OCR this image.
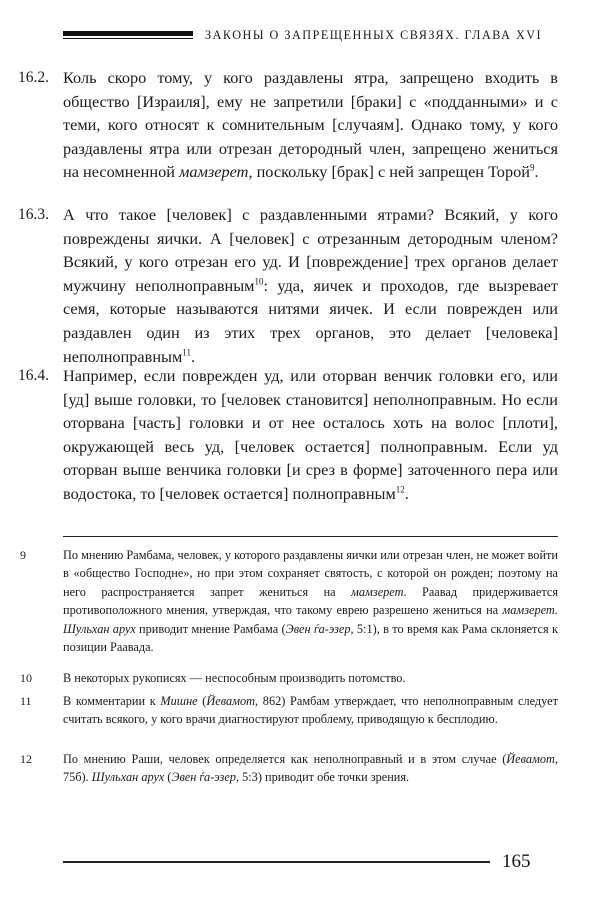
ЗАКОНЫ О ЗАПРЕЩЕННЫХ СВЯЗЯХ. ГЛАВА XVI
16.2. Коль скоро тому, у кого раздавлены ятра, запрещено входить в общество [Израиля], ему не запретили [браки] с «подданными» и с теми, кого относят к сомнительным [случаям]. Однако тому, у кого раздавлены ятра или отрезан детородный член, запрещено жениться на несомненной мамзерет, поскольку [брак] с ней запрещен Торой$^9$.
16.3. А что такое [человек] с раздавленными ятрами? Всякий, у кого повреждены яички. А [человек] с отрезанным детородным членом? Всякий, у кого отрезан его уд. И [повреждение] трех органов делает мужчину неполноправным$^{10}$: уда, яичек и проходов, где вызревает семя, которые называются нитями яичек. И если поврежден или раздавлен один из этих трех органов, это делает [человека] неполноправным$^{11}$.
16.4. Например, если поврежден уд, или оторван венчик головки его, или [уд] выше головки, то [человек становится] неполноправным. Но если оторвана [часть] головки и от нее осталось хоть на волос [плоти], окружающей весь уд, [человек остается] полноправным. Если уд оторван выше венчика головки [и срез в форме] заточенного пера или водостока, то [человек остается] полноправным$^{12}$.
9	По мнению Рамбама, человек, у которого раздавлены яички или отрезан член, не может войти в «общество Господне», но при этом сохраняет святость, с которой он рожден; поэтому на него распространяется запрет жениться на мамзерет. Раавад придерживается противоположного мнения, утверждая, что такому еврею разрешено жениться на мамзерет. Шульхан арух приводит мнение Рамбама (Эвен ѓа-эзер, 5:1), в то время как Рама склоняется к позиции Раавада.
10	В некоторых рукописях — неспособным производить потомство.
11	В комментарии к Мишне (Йевамот, 862) Рамбам утверждает, что неполноправным следует считать всякого, у кого врачи диагностируют проблему, приводящую к бесплодию.
12	По мнению Раши, человек определяется как неполноправный и в этом случае (Йевамот, 75б). Шульхан арух (Эвен ѓа-эзер, 5:3) приводит обе точки зрения.
165
